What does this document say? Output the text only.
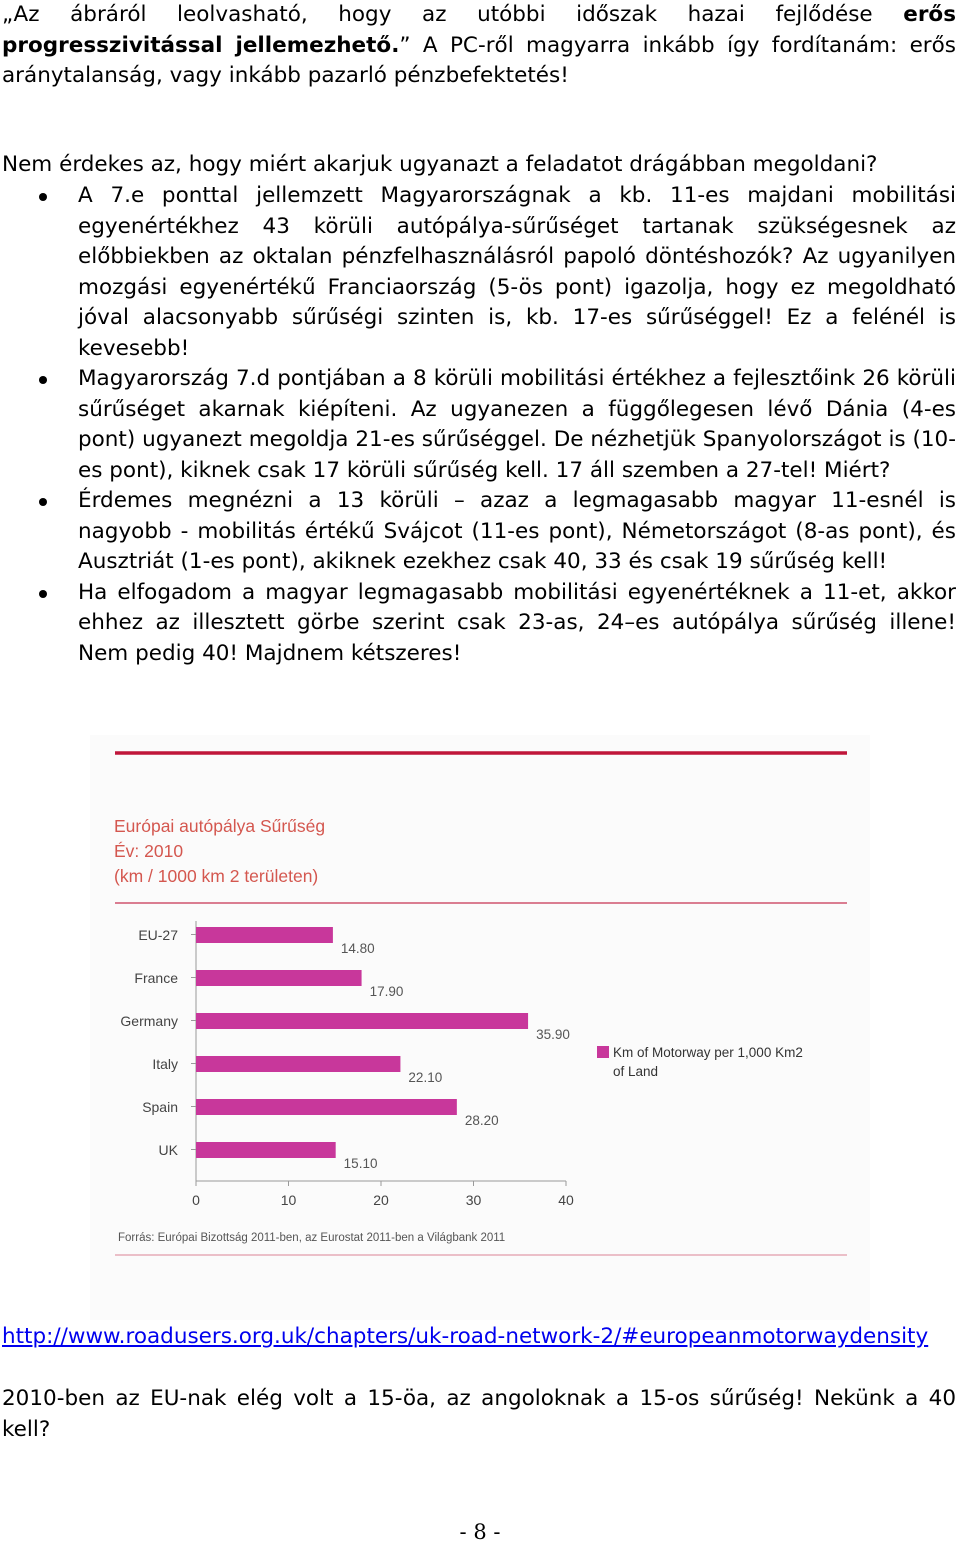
„Az ábráról leolvasható, hogy az utóbbi időszak hazai fejlődése erős progresszivitással jellemezhető.” A PC-ről magyarra inkább így fordítanám: erős aránytalanság, vagy inkább pazarló pénzbefektetés!

Nem érdekes az, hogy miért akarjuk ugyanazt a feladatot drágábban megoldani?

A 7.e ponttal jellemzett Magyarországnak a kb. 11-es majdani mobilitási egyenértékhez 43 körüli autópálya-sűrűséget tartanak szükségesnek az előbbiekben az oktalan pénzfelhasználásról papoló döntéshozók? Az ugyanilyen mozgási egyenértékű Franciaország (5-ös pont) igazolja, hogy ez megoldható jóval alacsonyabb sűrűségi szinten is, kb. 17-es sűrűséggel! Ez a felénél is kevesebb!
Magyarország 7.d pontjában a 8 körüli mobilitási értékhez a fejlesztőink 26 körüli sűrűséget akarnak kiépíteni. Az ugyanezen a függőlegesen lévő Dánia (4-es pont) ugyanezt megoldja 21-es sűrűséggel. De nézhetjük Spanyolországot is (10-es pont), kiknek csak 17 körüli sűrűség kell. 17 áll szemben a 27-tel! Miért?
Érdemes megnézni a 13 körüli – azaz a legmagasabb magyar 11-esnél is nagyobb - mobilitás értékű Svájcot (11-es pont), Németországot (8-as pont), és Ausztriát (1-es pont), akiknek ezekhez csak 40, 33 és csak 19 sűrűség kell!
Ha elfogadom a magyar legmagasabb mobilitási egyenértéknek a 11-et, akkor ehhez az illesztett görbe szerint csak 23-as, 24–es autópálya sűrűség illene! Nem pedig 40! Majdnem kétszeres!
Európai autópálya Sűrűség
Év: 2010
(km / 1000 km 2 területen)
EU-27
14.80
France
17.90
Germany
35.90
Italy
22.10
Spain
28.20
UK
15.10
0	10	20	30	40
Km of Motorway per 1,000 Km2 of Land
Forrás: Európai Bizottság 2011-ben, az Eurostat 2011-ben a Világbank 2011
http://www.roadusers.org.uk/chapters/uk-road-network-2/#europeanmotorwaydensity

2010-ben az EU-nak elég volt a 15-öa, az angoloknak a 15-os sűrűség! Nekünk a 40 kell?

- 8 -
